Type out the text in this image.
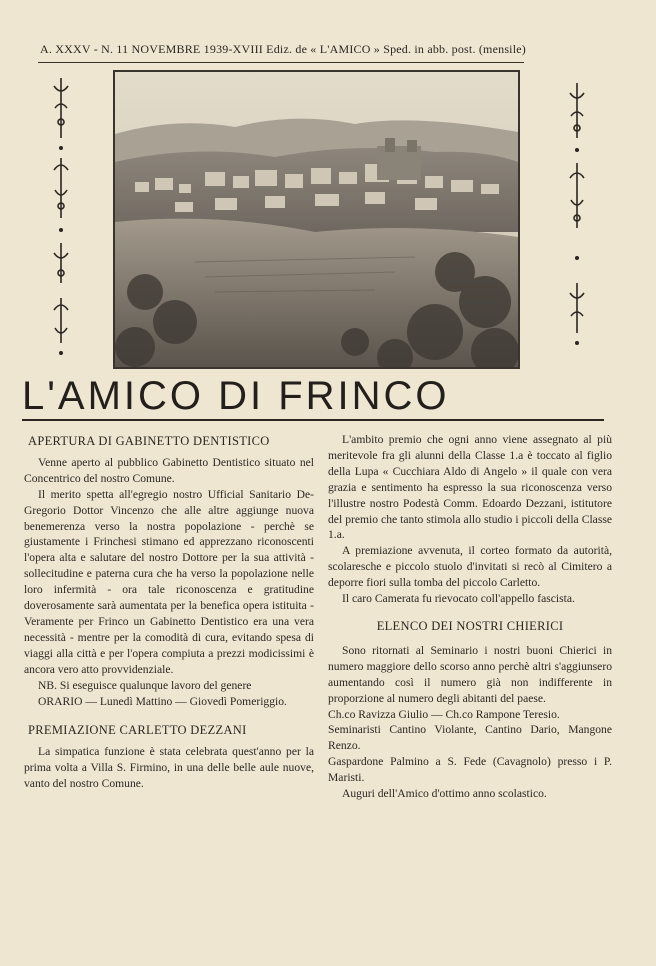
A. XXXV - N. 11 NOVEMBRE 1939-XVIII Ediz. de « L'AMICO » Sped. in abb. post. (mensile)
L'AMICO DI FRINCO
APERTURA DI GABINETTO DENTISTICO

Venne aperto al pubblico Gabinetto Dentistico situato nel Concentrico del nostro Comune.

Il merito spetta all'egregio nostro Ufficial Sanitario De-Gregorio Dottor Vincenzo che alle altre aggiunge nuova benemerenza verso la nostra popolazione - perchè se giustamente i Frinchesi stimano ed apprezzano riconoscenti l'opera alta e salutare del nostro Dottore per la sua attività - sollecitudine e paterna cura che ha verso la popolazione nelle loro infermità - ora tale riconoscenza e gratitudine doverosamente sarà aumentata per la benefica opera istituita - Veramente per Frinco un Gabinetto Dentistico era una vera necessità - mentre per la comodità di cura, evitando spesa di viaggi alla città e per l'opera compiuta a prezzi modicissimi è ancora vero atto provvidenziale.

NB. Si eseguisce qualunque lavoro del genere

ORARIO — Lunedì Mattino — Giovedì Pomeriggio.

PREMIAZIONE CARLETTO DEZZANI

La simpatica funzione è stata celebrata quest'anno per la prima volta a Villa S. Firmino, in una delle belle aule nuove, vanto del nostro Comune.

L'ambito premio che ogni anno viene assegnato al più meritevole fra gli alunni della Classe 1.a è toccato al figlio della Lupa « Cucchiara Aldo di Angelo » il quale con vera grazia e sentimento ha espresso la sua riconoscenza verso l'illustre nostro Podestà Comm. Edoardo Dezzani, istitutore del premio che tanto stimola allo studio i piccoli della Classe 1.a.

A premiazione avvenuta, il corteo formato da autorità, scolaresche e piccolo stuolo d'invitati si recò al Cimitero a deporre fiori sulla tomba del piccolo Carletto.

Il caro Camerata fu rievocato coll'appello fascista.

ELENCO DEI NOSTRI CHIERICI

Sono ritornati al Seminario i nostri buoni Chierici in numero maggiore dello scorso anno perchè altri s'aggiunsero aumentando così il numero già non indifferente in proporzione al numero degli abitanti del paese.

Ch.co Ravizza Giulio — Ch.co Rampone Teresio.

Seminaristi Cantino Violante, Cantino Dario, Mangone Renzo.

Gaspardone Palmino a S. Fede (Cavagnolo) presso i P. Maristi.

Auguri dell'Amico d'ottimo anno scolastico.
